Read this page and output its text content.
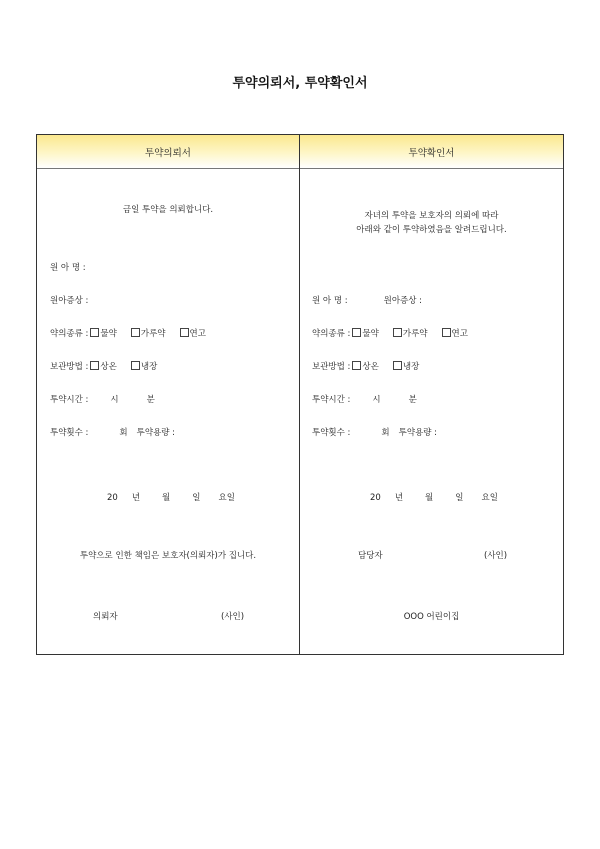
투약의뢰서, 투약확인서
투약의뢰서
금일 투약을 의뢰합니다.
원 아 명 :
원아증상 :
약의종류 : 물약	가루약	연고
보관방법 : 상온	냉장
투약시간 :	시	분
투약횟수 :	회 투약용량 :
20 년	월	일 요일
투약으로 인한 책임은 보호자(의뢰자)가 집니다.
의뢰자	(사인)
투약확인서
자녀의 투약을 보호자의 의뢰에 따라
아래와 같이 투약하였음을 알려드립니다.
원 아 명 :	원아증상 :
약의종류 : 물약	가루약	연고
보관방법 : 상온	냉장
투약시간 :	시	분
투약횟수 :	회 투약용량 :
20 년	월	일 요일
담당자	(사인)
OOO 어린이집
